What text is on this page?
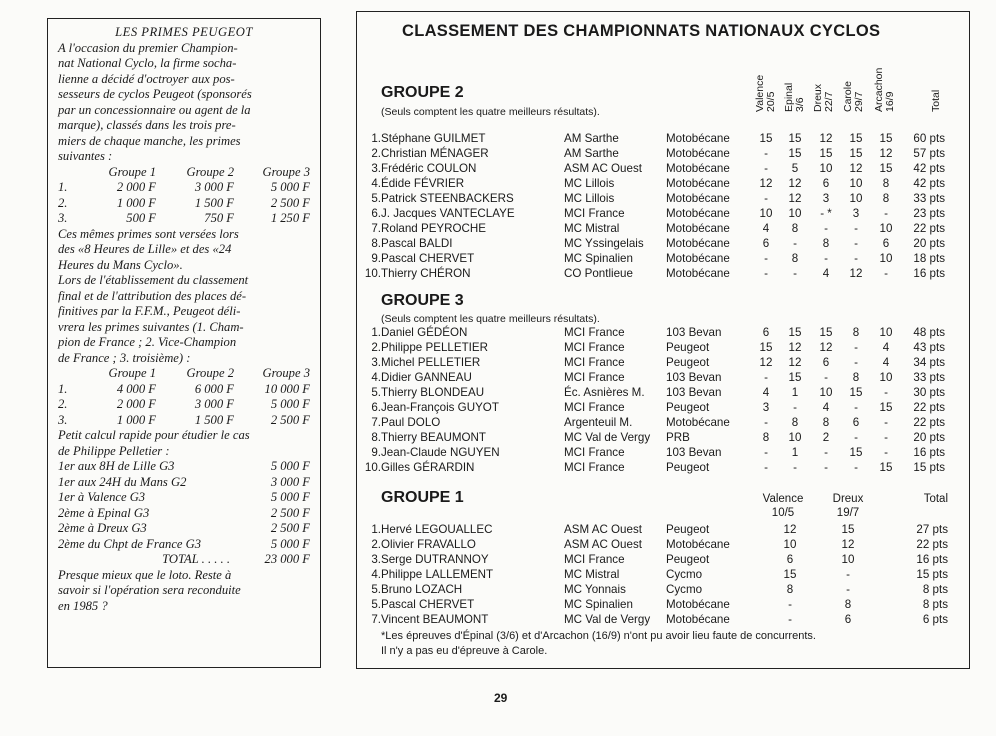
LES PRIMES PEUGEOT
A l'occasion du premier Champion-
nat National Cyclo, la firme socha-
lienne a décidé d'octroyer aux pos-
sesseurs de cyclos Peugeot (sponsorés
par un concessionnaire ou agent de la
marque), classés dans les trois pre-
miers de chaque manche, les primes
suivantes :
Groupe 1	Groupe 2	Groupe 3
1.	2 000 F	3 000 F	5 000 F
2.	1 000 F	1 500 F	2 500 F
3.	500 F	750 F	1 250 F
Ces mêmes primes sont versées lors
des «8 Heures de Lille» et des «24
Heures du Mans Cyclo».
Lors de l'établissement du classement
final et de l'attribution des places dé-
finitives par la F.F.M., Peugeot déli-
vrera les primes suivantes (1. Cham-
pion de France ; 2. Vice-Champion
de France ; 3. troisième) :
Groupe 1	Groupe 2	Groupe 3
1.	4 000 F	6 000 F	10 000 F
2.	2 000 F	3 000 F	5 000 F
3.	1 000 F	1 500 F	2 500 F
Petit calcul rapide pour étudier le cas
de Philippe Pelletier :
1er aux 8H de Lille G3	5 000 F
1er aux 24H du Mans G2	3 000 F
1er à Valence G3	5 000 F
2ème à Epinal G3	2 500 F
2ème à Dreux G3	2 500 F
2ème du Chpt de France G3	5 000 F
TOTAL . . . . .	23 000 F
Presque mieux que le loto. Reste à
savoir si l'opération sera reconduite
en 1985 ?
CLASSEMENT DES CHAMPIONNATS NATIONAUX CYCLOS
GROUPE 2
(Seuls comptent les quatre meilleurs résultats).
GROUPE 3
(Seuls comptent les quatre meilleurs résultats).
GROUPE 1	Valence
10/5
Dreux
19/7
Total
*Les épreuves d'Épinal (3/6) et d'Arcachon (16/9) n'ont pu avoir lieu faute de concurrents.
Il n'y a pas eu d'épreuve à Carole.
Valence 20/5 Epinal 3/6 Dreux 22/7 Carole 29/7 Arcachon 16/9	Total
1. Stéphane GUILMET	AM Sarthe	Motobécane	15	15	12	15	15	60 pts
2. Christian MÉNAGER	AM Sarthe	Motobécane	-	15	15	15	12	57 pts
3. Frédéric COULON	ASM AC Ouest Motobécane	-	5	10	12	15	42 pts
4. Édide FÉVRIER	MC Lillois	Motobécane	12	12	6	10	8	42 pts
5. Patrick STEENBACKERS	MC Lillois	Motobécane	-	12	3	10	8	33 pts
6. J. Jacques VANTECLAYE	MCI France	Motobécane	10	10	- *	3	-	23 pts
7. Roland PEYROCHE	MC Mistral	Motobécane	4	8	-	-	10	22 pts
8. Pascal BALDI	MC Yssingelais Motobécane	6	-	8	-	6	20 pts
9. Pascal CHERVET	MC Spinalien	Motobécane	-	8	-	-	10	18 pts
10. Thierry CHÉRON	CO Pontlieue	Motobécane	-	-	4	12	-	16 pts
1. Daniel GÉDÉON	MCI France	103 Bevan	6	15	15	8	10	48 pts
2. Philippe PELLETIER	MCI France	Peugeot	15	12	12	-	4	43 pts
3. Michel PELLETIER	MCI France	Peugeot	12	12	6	-	4	34 pts
4. Didier GANNEAU	MCI France	103 Bevan	-	15	-	8	10	33 pts
5. Thierry BLONDEAU	Éc. Asnières M. 103 Bevan	4	1	10	15	-	30 pts
6. Jean-François GUYOT	MCI France	Peugeot	3	-	4	-	15	22 pts
7. Paul DOLO	Argenteuil M.	Motobécane	-	8	8	6	-	22 pts
8. Thierry BEAUMONT	MC Val de Vergy PRB	8	10	2	-	-	20 pts
9. Jean-Claude NGUYEN	MCI France	103 Bevan	-	1	-	15	-	16 pts
10. Gilles GÉRARDIN	MCI France	Peugeot	-	-	-	-	15	15 pts
1. Hervé LEGOUALLEC	ASM AC Ouest Peugeot	12	15	27 pts
2. Olivier FRAVALLO	ASM AC Ouest Motobécane	10	12	22 pts
3. Serge DUTRANNOY	MCI France	Peugeot	6	10	16 pts
4. Philippe LALLEMENT	MC Mistral	Cycmo	15	-	15 pts
5. Bruno LOZACH	MC Yonnais	Cycmo	8	-	8 pts
5. Pascal CHERVET	MC Spinalien	Motobécane	-	8	8 pts
7. Vincent BEAUMONT	MC Val de Vergy Motobécane	-	6	6 pts
29
